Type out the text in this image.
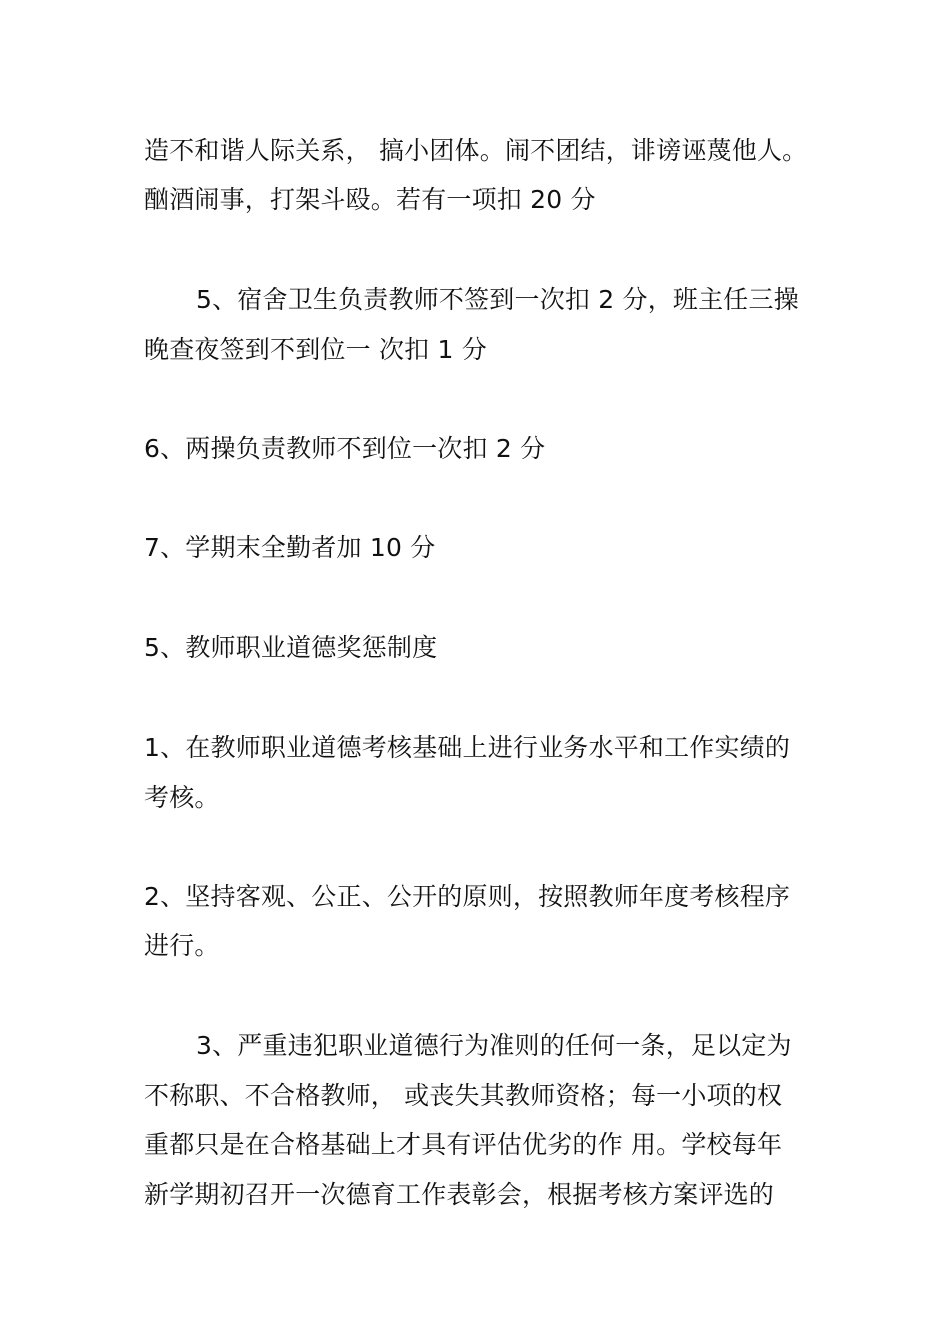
造不和谐人际关系， 搞小团体。闹不团结，诽谤诬蔑他人。
酗酒闹事，打架斗殴。若有一项扣 20 分
5、宿舍卫生负责教师不签到一次扣 2 分，班主任三操
晚查夜签到不到位一 次扣 1 分
6、两操负责教师不到位一次扣 2 分
7、学期末全勤者加 10 分
5、教师职业道德奖惩制度
1、在教师职业道德考核基础上进行业务水平和工作实绩的
考核。
2、坚持客观、公正、公开的原则，按照教师年度考核程序
进行。
3、严重违犯职业道德行为准则的任何一条，足以定为
不称职、不合格教师， 或丧失其教师资格；每一小项的权
重都只是在合格基础上才具有评估优劣的作 用。学校每年
新学期初召开一次德育工作表彰会，根据考核方案评选的
